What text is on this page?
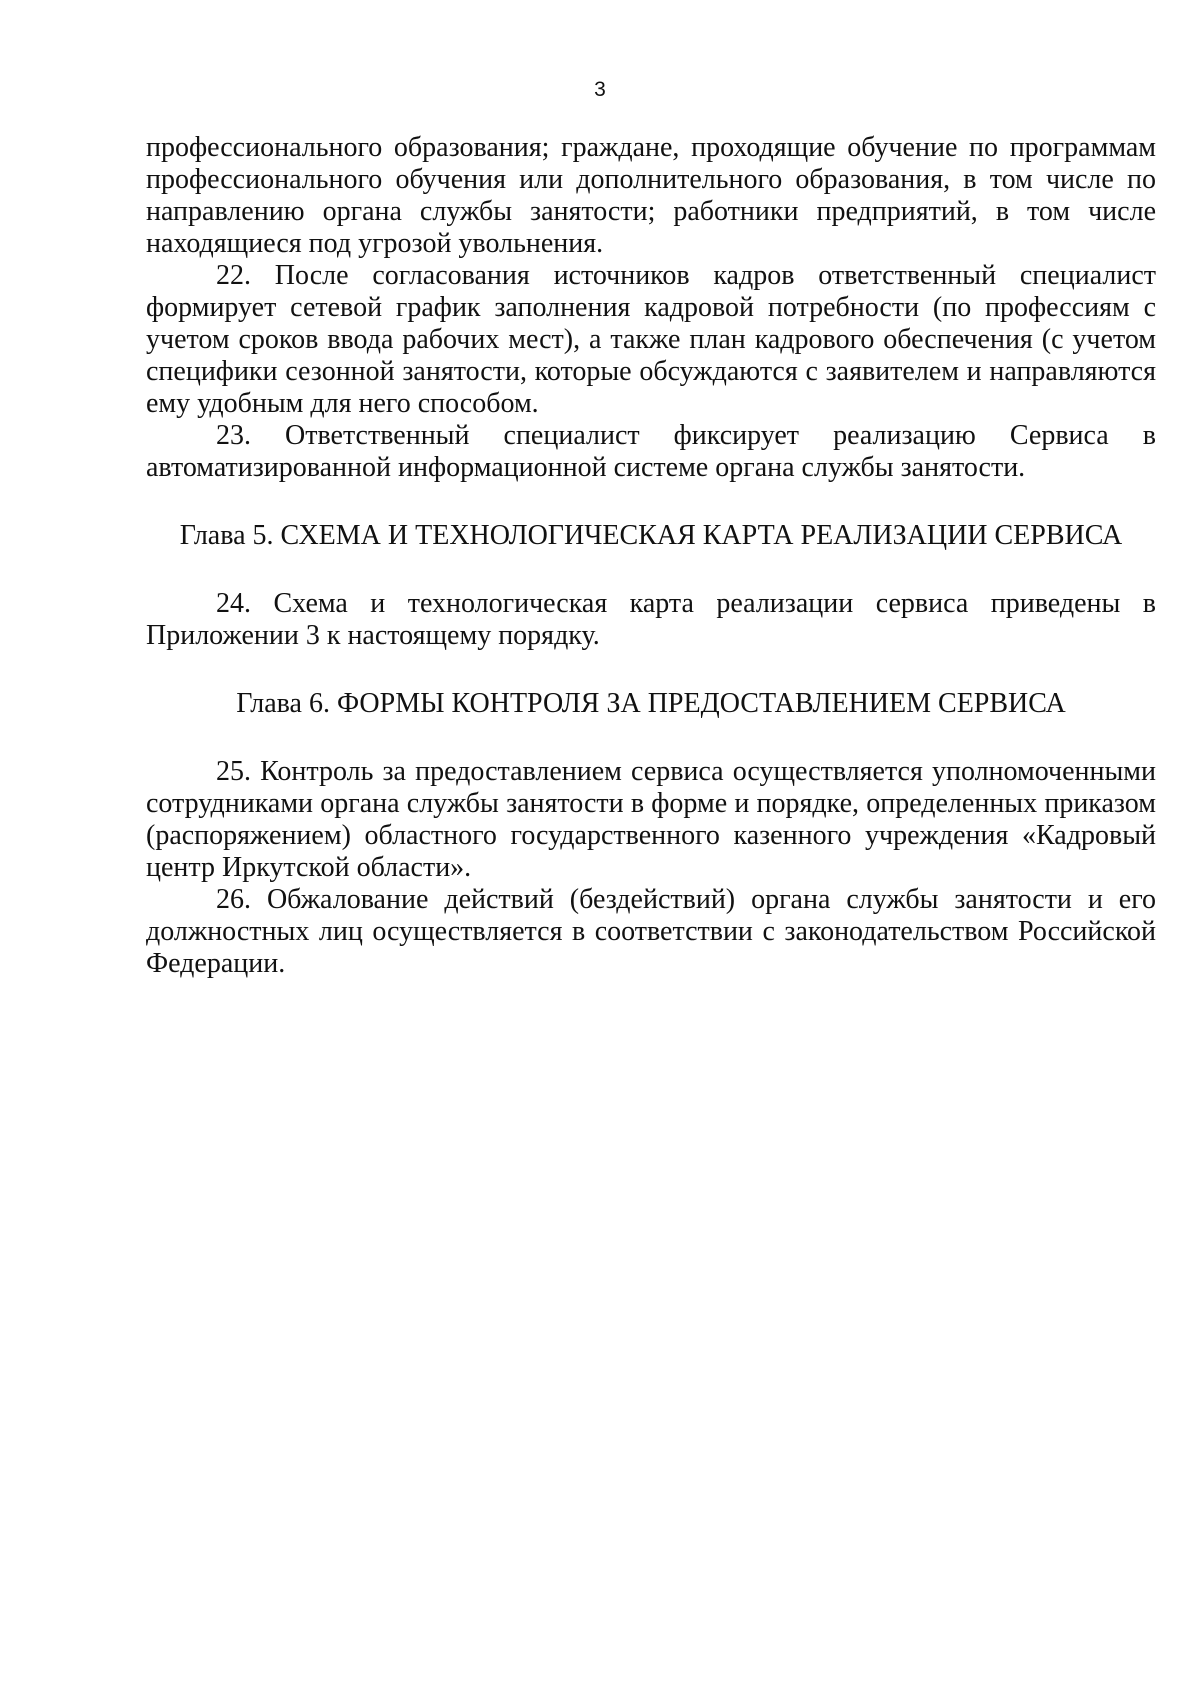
3

профессионального образования; граждане, проходящие обучение по программам профессионального обучения или дополнительного образования, в том числе по направлению органа службы занятости; работники предприятий, в том числе находящиеся под угрозой увольнения.

22. После согласования источников кадров ответственный специалист формирует сетевой график заполнения кадровой потребности (по профессиям с учетом сроков ввода рабочих мест), а также план кадрового обеспечения (с учетом специфики сезонной занятости, которые обсуждаются с заявителем и направляются ему удобным для него способом.

23. Ответственный специалист фиксирует реализацию Сервиса в автоматизированной информационной системе органа службы занятости.

Глава 5. СХЕМА И ТЕХНОЛОГИЧЕСКАЯ КАРТА РЕАЛИЗАЦИИ СЕРВИСА

24. Схема и технологическая карта реализации сервиса приведены в Приложении 3 к настоящему порядку.

Глава 6. ФОРМЫ КОНТРОЛЯ ЗА ПРЕДОСТАВЛЕНИЕМ СЕРВИСА

25. Контроль за предоставлением сервиса осуществляется уполномоченными сотрудниками органа службы занятости в форме и порядке, определенных приказом (распоряжением) областного государственного казенного учреждения «Кадровый центр Иркутской области».

26. Обжалование действий (бездействий) органа службы занятости и его должностных лиц осуществляется в соответствии с законодательством Российской Федерации.
